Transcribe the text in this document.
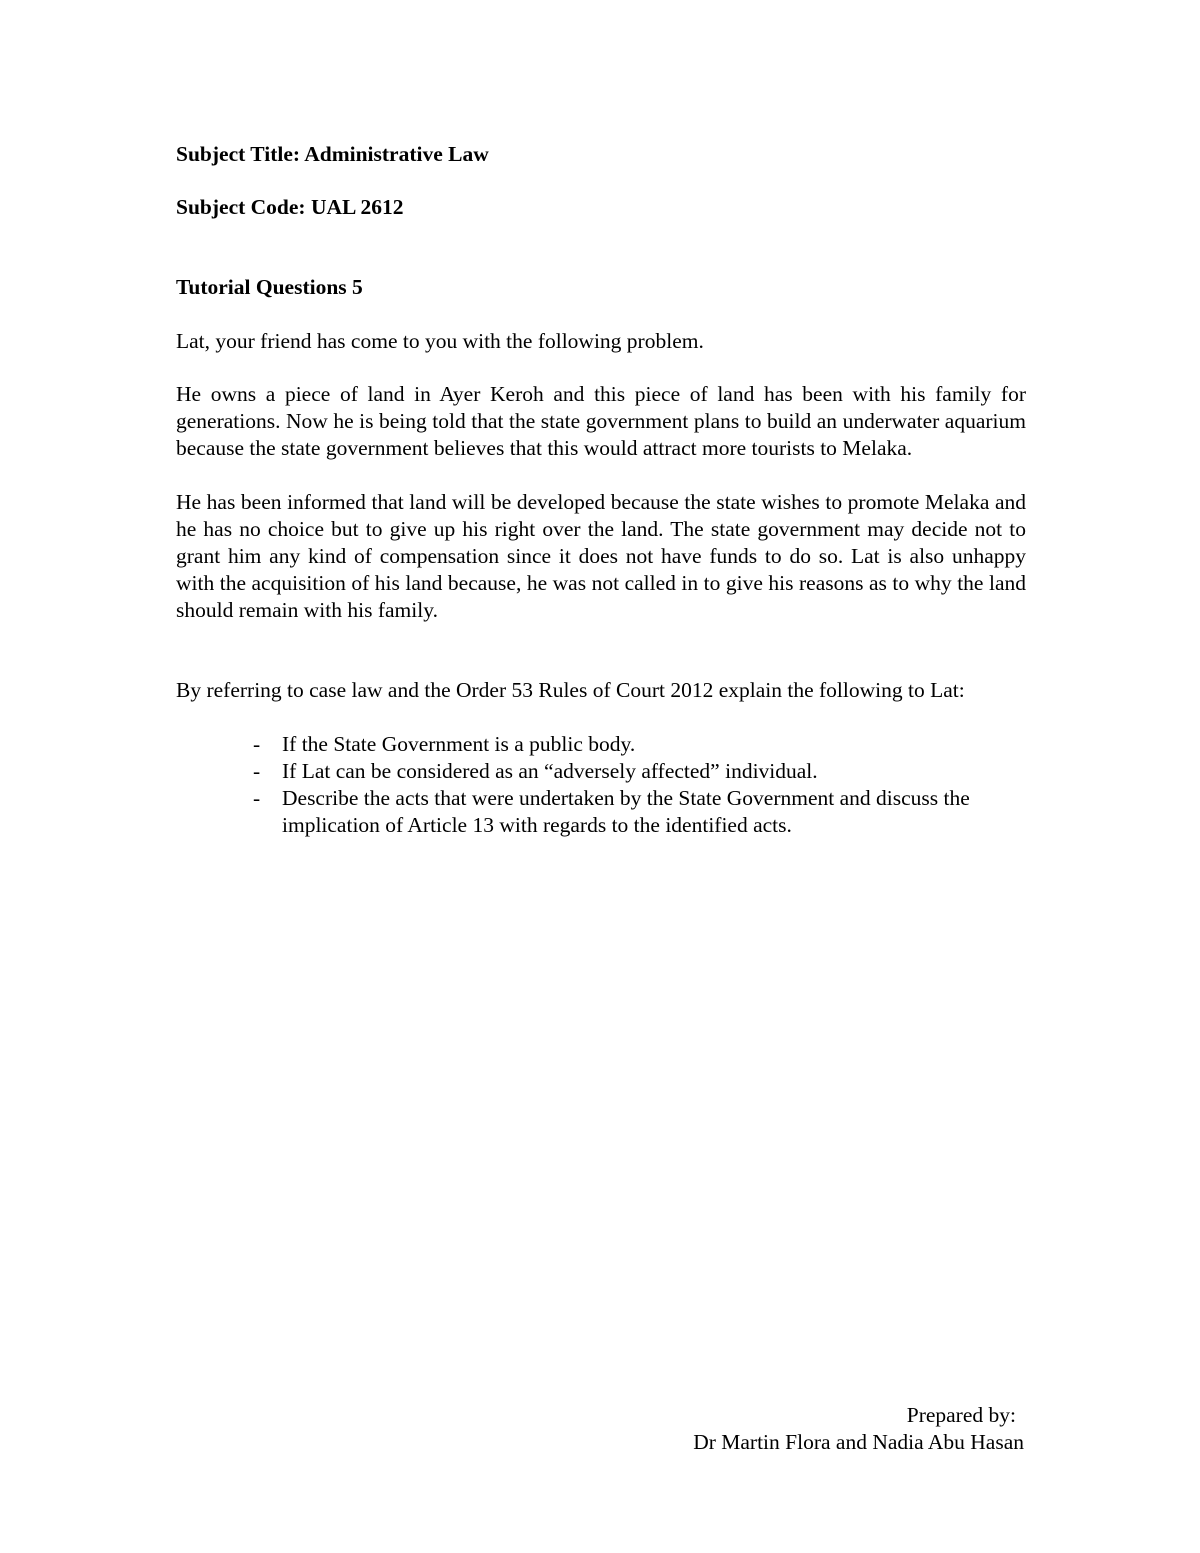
Subject Title: Administrative Law

Subject Code: UAL 2612

Tutorial Questions 5

Lat, your friend has come to you with the following problem.

He owns a piece of land in Ayer Keroh and this piece of land has been with his family for generations. Now he is being told that the state government plans to build an underwater aquarium because the state government believes that this would attract more tourists to Melaka.

He has been informed that land will be developed because the state wishes to promote Melaka and he has no choice but to give up his right over the land. The state government may decide not to grant him any kind of compensation since it does not have funds to do so. Lat is also unhappy with the acquisition of his land because, he was not called in to give his reasons as to why the land should remain with his family.

By referring to case law and the Order 53 Rules of Court 2012 explain the following to Lat:

- If the State Government is a public body.
- If Lat can be considered as an “adversely affected” individual.
- Describe the acts that were undertaken by the State Government and discuss the implication of Article 13 with regards to the identified acts.
Prepared by:
Dr Martin Flora and Nadia Abu Hasan
